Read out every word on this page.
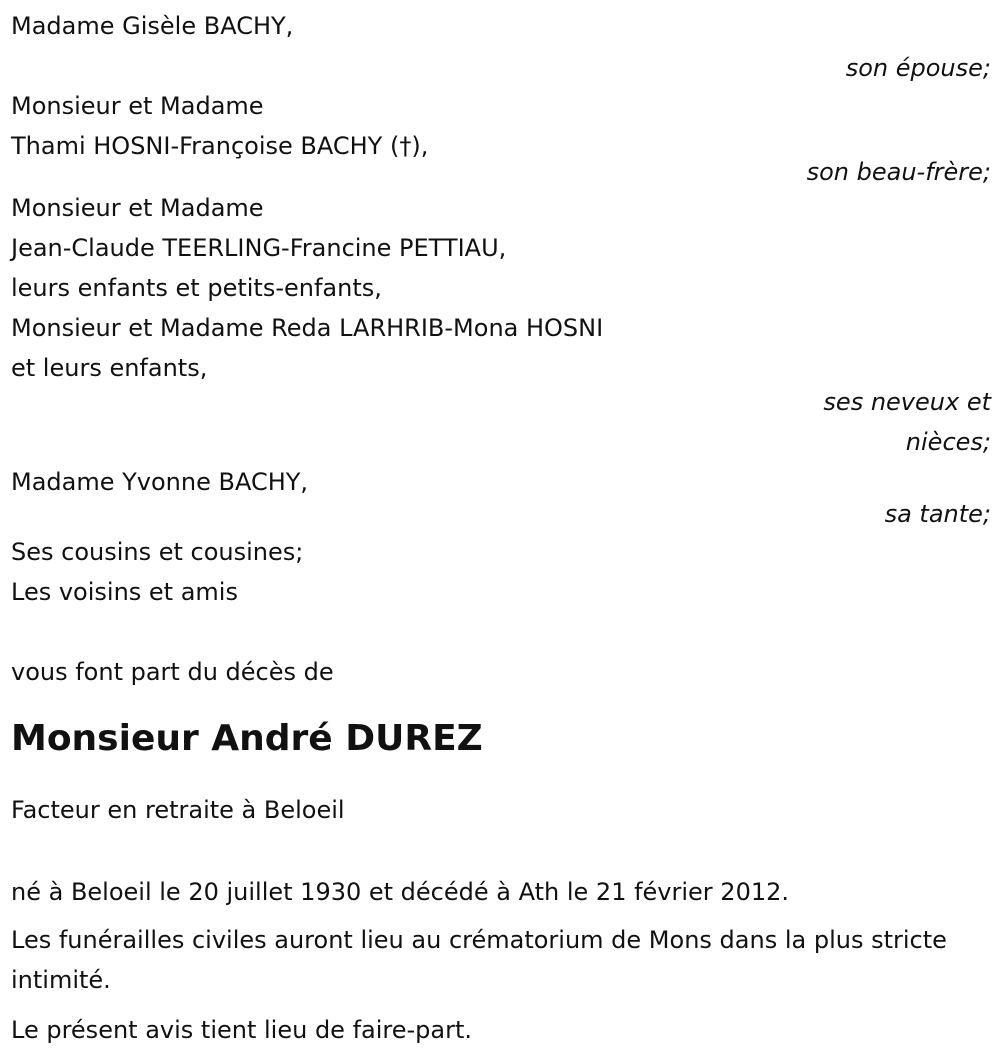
Madame Gisèle BACHY,
son épouse;
Monsieur et Madame
Thami HOSNI-Françoise BACHY (†),
son beau-frère;
Monsieur et Madame
Jean-Claude TEERLING-Francine PETTIAU,
leurs enfants et petits-enfants,
Monsieur et Madame Reda LARHRIB-Mona HOSNI
et leurs enfants,
ses neveux et
nièces;
Madame Yvonne BACHY,
sa tante;
Ses cousins et cousines;
Les voisins et amis
vous font part du décès de
Monsieur André DUREZ
Facteur en retraite à Beloeil
né à Beloeil le 20 juillet 1930 et décédé à Ath le 21 février 2012.
Les funérailles civiles auront lieu au crématorium de Mons dans la plus stricte intimité.
Le présent avis tient lieu de faire-part.
